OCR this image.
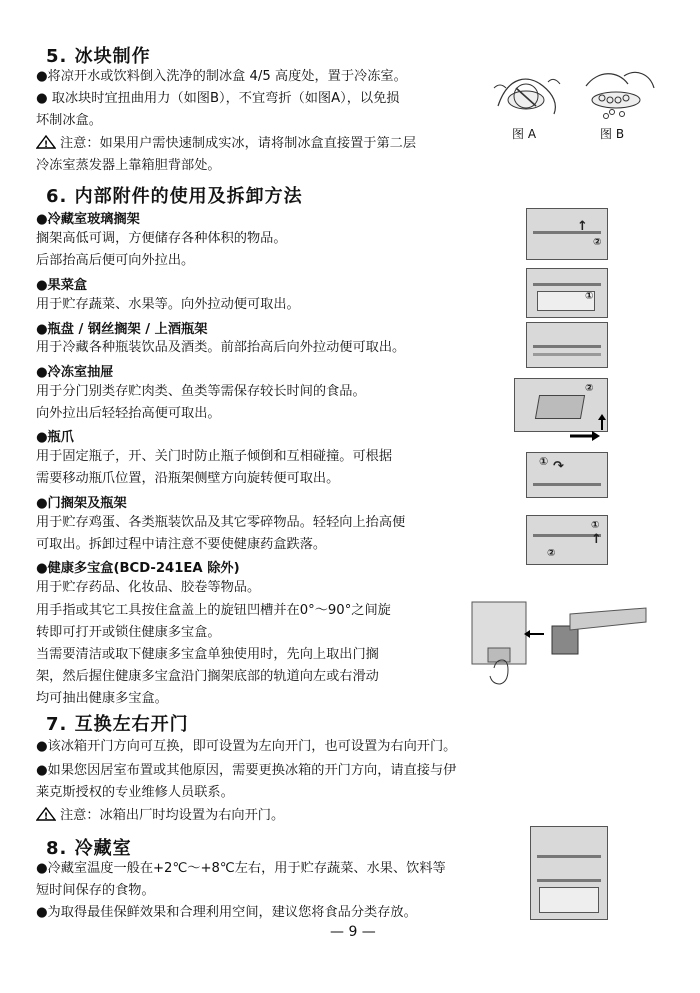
5. 冰块制作
●将凉开水或饮料倒入洗净的制冰盒 4/5 高度处，置于冷冻室。
● 取冰块时宜扭曲用力（如图B），不宜弯折（如图A），以免损
坏制冰盒。
! 注意：如果用户需快速制成实冰，请将制冰盒直接置于第二层
冷冻室蒸发器上靠箱胆背部处。
图 A	图 B
6. 内部附件的使用及拆卸方法
●冷藏室玻璃搁架
搁架高低可调，方便储存各种体积的物品。
后部抬高后便可向外拉出。
●果菜盒
用于贮存蔬菜、水果等。向外拉动便可取出。
●瓶盘 / 钢丝搁架 / 上酒瓶架
用于冷藏各种瓶装饮品及酒类。前部抬高后向外拉动便可取出。
●冷冻室抽屉
用于分门别类存贮肉类、鱼类等需保存较长时间的食品。
向外拉出后轻轻抬高便可取出。
●瓶爪
用于固定瓶子，开、关门时防止瓶子倾倒和互相碰撞。可根据
需要移动瓶爪位置，沿瓶架侧壁方向旋转便可取出。
●门搁架及瓶架
用于贮存鸡蛋、各类瓶装饮品及其它零碎物品。轻轻向上抬高便
可取出。拆卸过程中请注意不要使健康药盒跌落。
●健康多宝盒(BCD-241EA 除外)
用于贮存药品、化妆品、胶卷等物品。
用手指或其它工具按住盒盖上的旋钮凹槽并在0°～90°之间旋
转即可打开或锁住健康多宝盒。
当需要清洁或取下健康多宝盒单独使用时，先向上取出门搁
架，然后握住健康多宝盒沿门搁架底部的轨道向左或右滑动
均可抽出健康多宝盒。
↑
②
①
②
① ↷
①
↑
②
7. 互换左右开门
●该冰箱开门方向可互换，即可设置为左向开门，也可设置为右向开门。
●如果您因居室布置或其他原因，需要更换冰箱的开门方向，请直接与伊
莱克斯授权的专业维修人员联系。
! 注意：冰箱出厂时均设置为右向开门。
8. 冷藏室
●冷藏室温度一般在+2℃～+8℃左右，用于贮存蔬菜、水果、饮料等
短时间保存的食物。
●为取得最佳保鲜效果和合理利用空间，建议您将食品分类存放。
— 9 —
